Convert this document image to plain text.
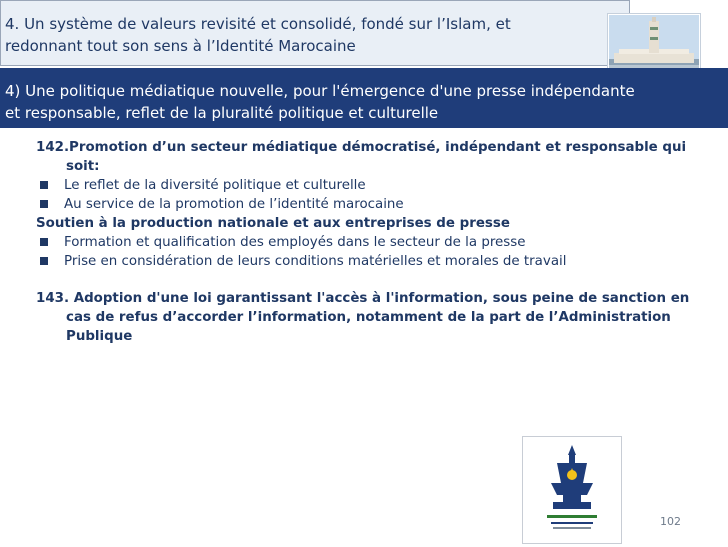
4. Un système de valeurs revisité et consolidé, fondé sur l’Islam, et
redonnant tout son sens à l’Identité Marocaine
4) Une politique médiatique nouvelle, pour l'émergence d'une presse indépendante
et responsable, reflet de la pluralité politique et culturelle
142.Promotion d’un secteur médiatique démocratisé, indépendant et responsable qui soit:
Le reflet de la diversité politique et culturelle
Au service de la promotion de l’identité marocaine
Soutien à la production nationale et aux entreprises de presse
Formation et qualification des employés dans le secteur de la presse
Prise en considération de leurs conditions matérielles et morales de travail
143. Adoption d'une loi garantissant l'accès à l'information, sous peine de sanction en cas de refus d’accorder l’information, notamment de la part de l’Administration Publique
102
